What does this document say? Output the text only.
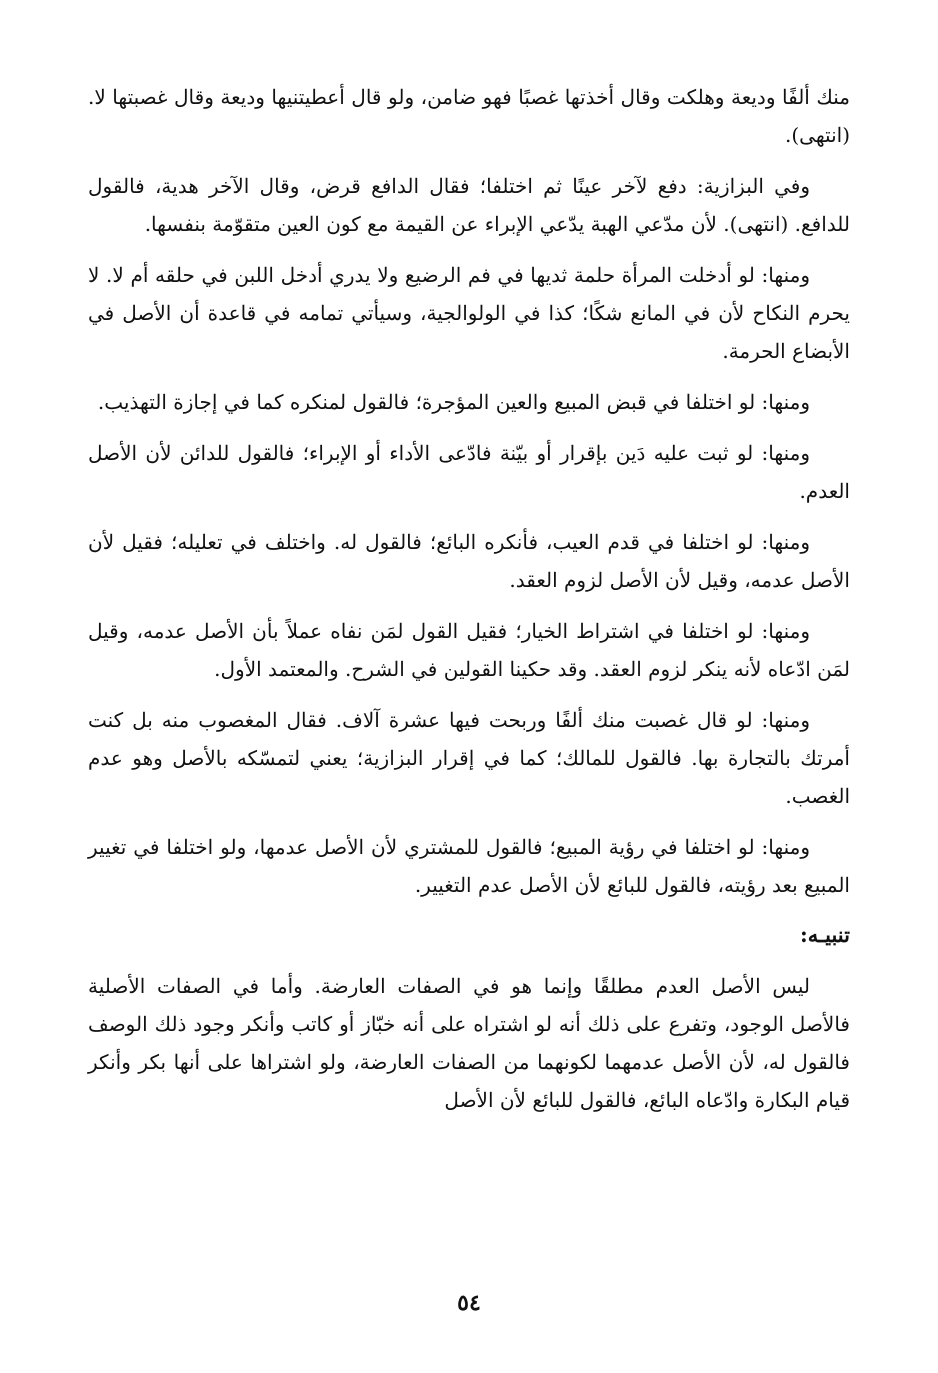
منك ألفًا وديعة وهلكت وقال أخذتها غصبًا فهو ضامن، ولو قال أعطيتنيها وديعة وقال غصبتها لا. (انتهى).

وفي البزازية: دفع لآخر عينًا ثم اختلفا؛ فقال الدافع قرض، وقال الآخر هدية، فالقول للدافع. (انتهى). لأن مدّعي الهبة يدّعي الإبراء عن القيمة مع كون العين متقوّمة بنفسها.

ومنها: لو أدخلت المرأة حلمة ثديها في فم الرضيع ولا يدري أدخل اللبن في حلقه أم لا. لا يحرم النكاح لأن في المانع شكًا؛ كذا في الولوالجية، وسيأتي تمامه في قاعدة أن الأصل في الأبضاع الحرمة.

ومنها: لو اختلفا في قبض المبيع والعين المؤجرة؛ فالقول لمنكره كما في إجازة التهذيب.

ومنها: لو ثبت عليه دَين بإقرار أو بيّنة فادّعى الأداء أو الإبراء؛ فالقول للدائن لأن الأصل العدم.

ومنها: لو اختلفا في قدم العيب، فأنكره البائع؛ فالقول له. واختلف في تعليله؛ فقيل لأن الأصل عدمه، وقيل لأن الأصل لزوم العقد.

ومنها: لو اختلفا في اشتراط الخيار؛ فقيل القول لمَن نفاه عملاً بأن الأصل عدمه، وقيل لمَن ادّعاه لأنه ينكر لزوم العقد. وقد حكينا القولين في الشرح. والمعتمد الأول.

ومنها: لو قال غصبت منك ألفًا وربحت فيها عشرة آلاف. فقال المغصوب منه بل كنت أمرتك بالتجارة بها. فالقول للمالك؛ كما في إقرار البزازية؛ يعني لتمسّكه بالأصل وهو عدم الغصب.

ومنها: لو اختلفا في رؤية المبيع؛ فالقول للمشتري لأن الأصل عدمها، ولو اختلفا في تغيير المبيع بعد رؤيته، فالقول للبائع لأن الأصل عدم التغيير.

تنبيـه:

ليس الأصل العدم مطلقًا وإنما هو في الصفات العارضة. وأما في الصفات الأصلية فالأصل الوجود، وتفرع على ذلك أنه لو اشتراه على أنه خبّاز أو كاتب وأنكر وجود ذلك الوصف فالقول له، لأن الأصل عدمهما لكونهما من الصفات العارضة، ولو اشتراها على أنها بكر وأنكر قيام البكارة وادّعاه البائع، فالقول للبائع لأن الأصل

٥٤
